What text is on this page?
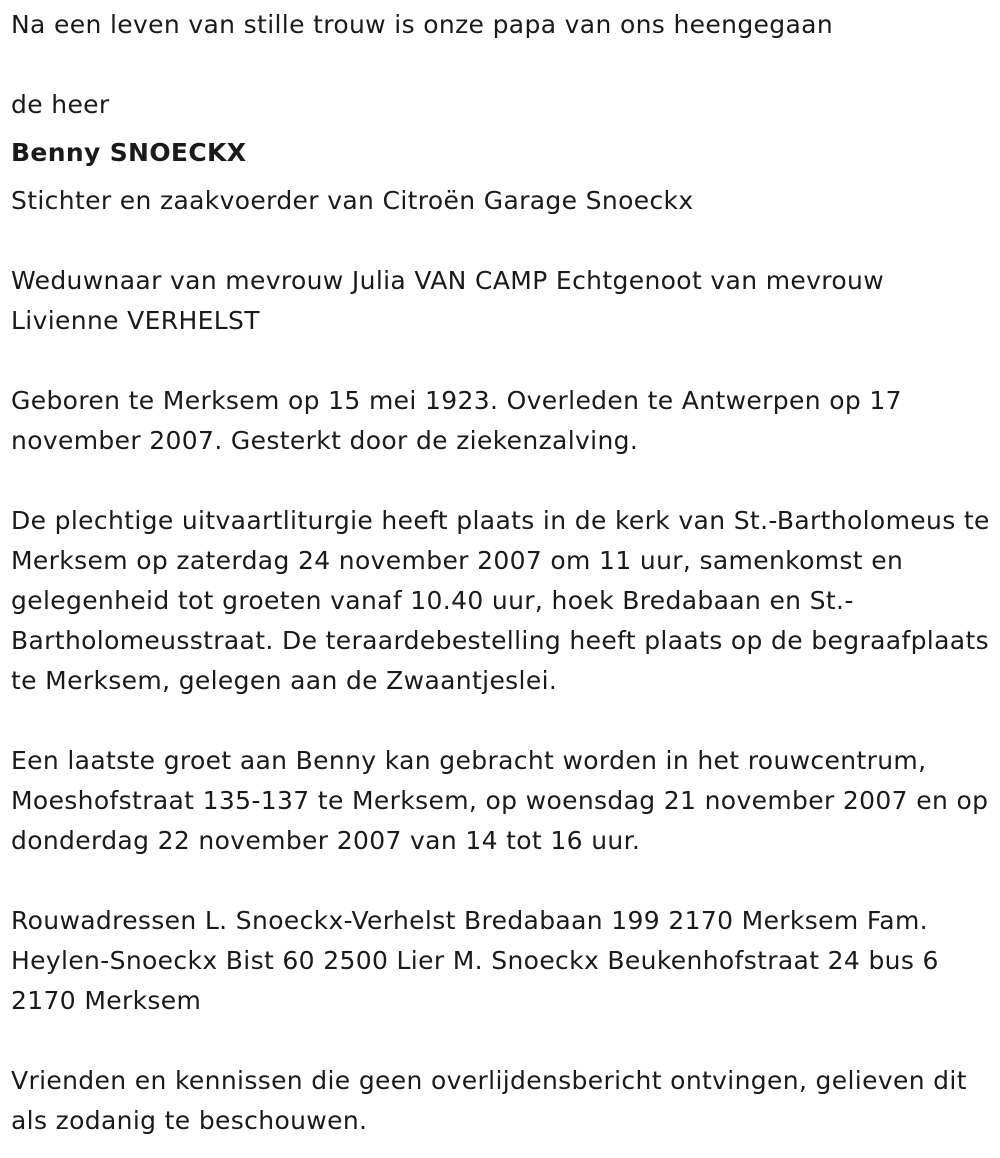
Na een leven van stille trouw is onze papa van ons heengegaan

de heer

Benny SNOECKX

Stichter en zaakvoerder van Citroën Garage Snoeckx

Weduwnaar van mevrouw Julia VAN CAMP Echtgenoot van mevrouw Livienne VERHELST

Geboren te Merksem op 15 mei 1923. Overleden te Antwerpen op 17 november 2007. Gesterkt door de ziekenzalving.

De plechtige uitvaartliturgie heeft plaats in de kerk van St.-Bartholomeus te Merksem op zaterdag 24 november 2007 om 11 uur, samenkomst en gelegenheid tot groeten vanaf 10.40 uur, hoek Bredabaan en St.-Bartholomeusstraat. De teraardebestelling heeft plaats op de begraafplaats te Merksem, gelegen aan de Zwaantjeslei.

Een laatste groet aan Benny kan gebracht worden in het rouwcentrum, Moeshofstraat 135-137 te Merksem, op woensdag 21 november 2007 en op donderdag 22 november 2007 van 14 tot 16 uur.

Rouwadressen L. Snoeckx-Verhelst Bredabaan 199 2170 Merksem Fam. Heylen-Snoeckx Bist 60 2500 Lier M. Snoeckx Beukenhofstraat 24 bus 6 2170 Merksem

Vrienden en kennissen die geen overlijdensbericht ontvingen, gelieven dit als zodanig te beschouwen.
